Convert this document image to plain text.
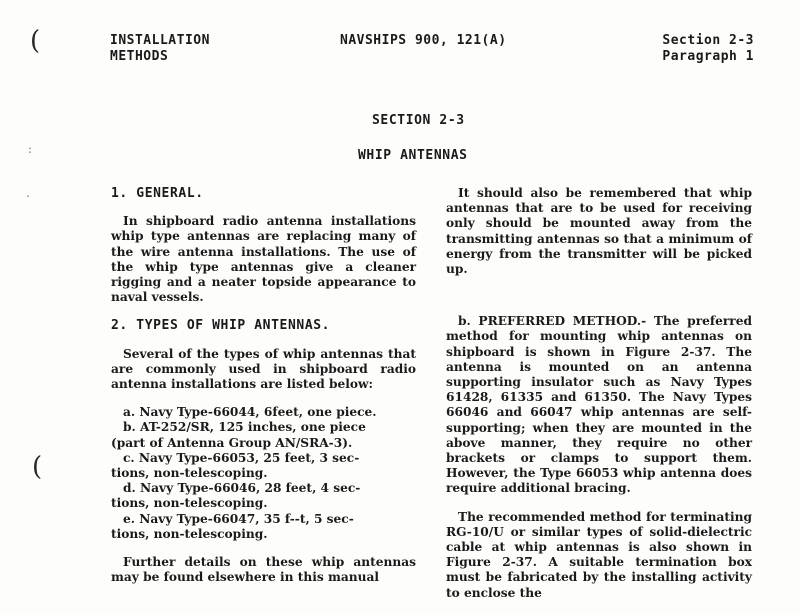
(
(
:
.
INSTALLATION
METHODS
NAVSHIPS 900, 121(A)	Section 2-3
Paragraph 1
SECTION 2-3
WHIP ANTENNAS
1. GENERAL.

In shipboard radio antenna installations whip type antennas are replacing many of the wire antenna installations. The use of the whip type antennas give a cleaner rigging and a neater topside appearance to naval vessels.

2. TYPES OF WHIP ANTENNAS.

Several of the types of whip antennas that are commonly used in shipboard radio antenna installations are listed below:

a. Navy Type-66044, 6feet, one piece.
b. AT-252/SR, 125 inches, one piece
(part of Antenna Group AN/SRA-3).
c. Navy Type-66053, 25 feet, 3 sec-
tions, non-telescoping.
d. Navy Type-66046, 28 feet, 4 sec-
tions, non-telescoping.
e. Navy Type-66047, 35 f--t, 5 sec-
tions, non-telescoping.

Further details on these whip antennas may be found elsewhere in this manual

It should also be remembered that whip antennas that are to be used for receiving only should be mounted away from the transmitting antennas so that a minimum of energy from the transmitter will be picked up.

b. PREFERRED METHOD.- The preferred method for mounting whip antennas on shipboard is shown in Figure 2-37. The antenna is mounted on an antenna supporting insulator such as Navy Types 61428, 61335 and 61350. The Navy Types 66046 and 66047 whip antennas are self-supporting; when they are mounted in the above manner, they require no other brackets or clamps to support them. However, the Type 66053 whip antenna does require additional bracing.

The recommended method for terminating RG-10/U or similar types of solid-dielectric cable at whip antennas is also shown in Figure 2-37. A suitable termination box must be fabricated by the installing activity to enclose the
